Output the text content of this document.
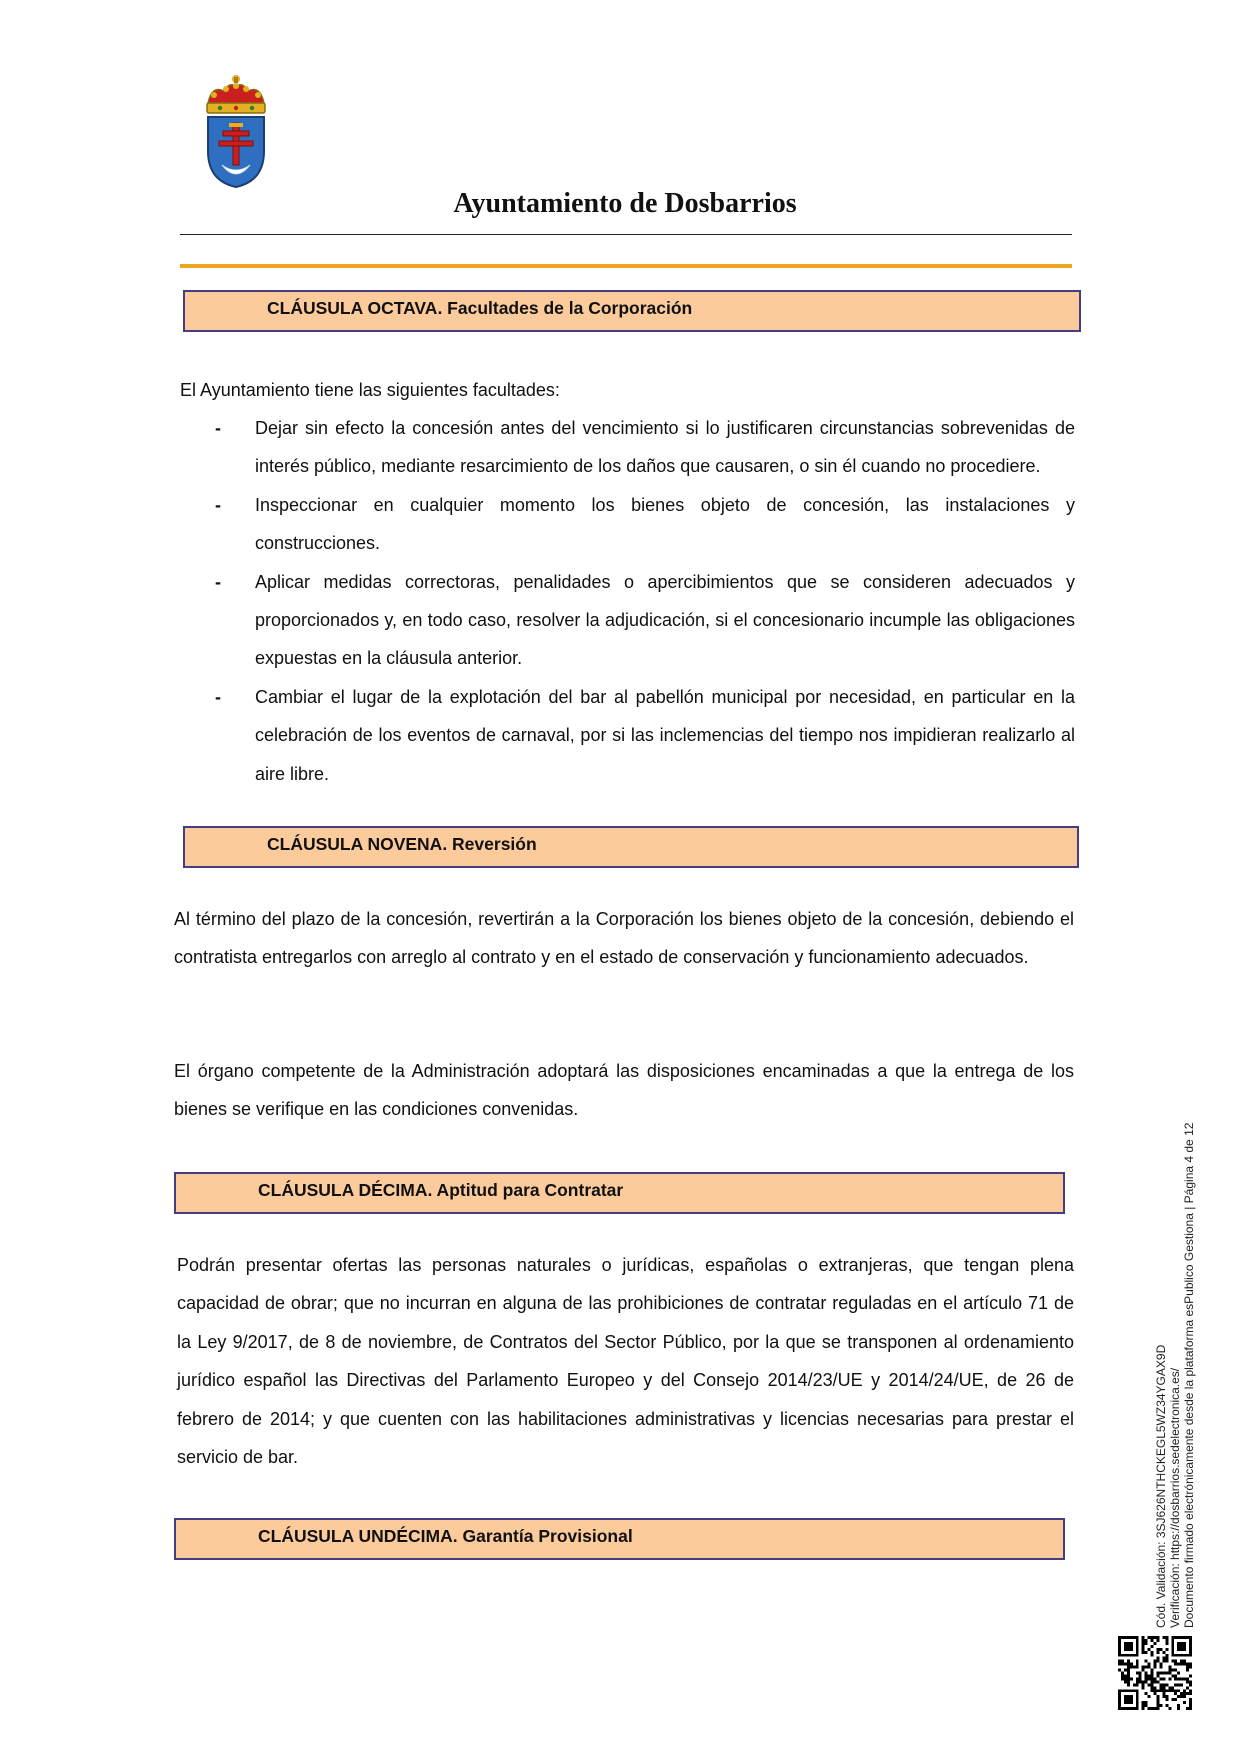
Ayuntamiento de Dosbarrios
CLÁUSULA OCTAVA. Facultades de la Corporación
El Ayuntamiento tiene las siguientes facultades:
- Dejar sin efecto la concesión antes del vencimiento si lo justificaren circunstancias sobrevenidas de interés público, mediante resarcimiento de los daños que causaren, o sin él cuando no procediere.
- Inspeccionar en cualquier momento los bienes objeto de concesión, las instalaciones y construcciones.
- Aplicar medidas correctoras, penalidades o apercibimientos que se consideren adecuados y proporcionados y, en todo caso, resolver la adjudicación, si el concesionario incumple las obligaciones expuestas en la cláusula anterior.
- Cambiar el lugar de la explotación del bar al pabellón municipal por necesidad, en particular en la celebración de los eventos de carnaval, por si las inclemencias del tiempo nos impidieran realizarlo al aire libre.
CLÁUSULA NOVENA. Reversión
Al término del plazo de la concesión, revertirán a la Corporación los bienes objeto de la concesión, debiendo el contratista entregarlos con arreglo al contrato y en el estado de conservación y funcionamiento adecuados.
El órgano competente de la Administración adoptará las disposiciones encaminadas a que la entrega de los bienes se verifique en las condiciones convenidas.
CLÁUSULA DÉCIMA. Aptitud para Contratar
Podrán presentar ofertas las personas naturales o jurídicas, españolas o extranjeras, que tengan plena capacidad de obrar; que no incurran en alguna de las prohibiciones de contratar reguladas en el artículo 71 de la Ley 9/2017, de 8 de noviembre, de Contratos del Sector Público, por la que se transponen al ordenamiento jurídico español las Directivas del Parlamento Europeo y del Consejo 2014/23/UE y 2014/24/UE, de 26 de febrero de 2014; y que cuenten con las habilitaciones administrativas y licencias necesarias para prestar el servicio de bar.
CLÁUSULA UNDÉCIMA. Garantía Provisional	Cód. Validación: 3SJ626NTHCKEGL5WZ34YGAX9D Verificación: https://dosbarrios.sedelectronica.es/ Documento firmado electrónicamente desde la plataforma esPublico Gestiona | Página 4 de 12
